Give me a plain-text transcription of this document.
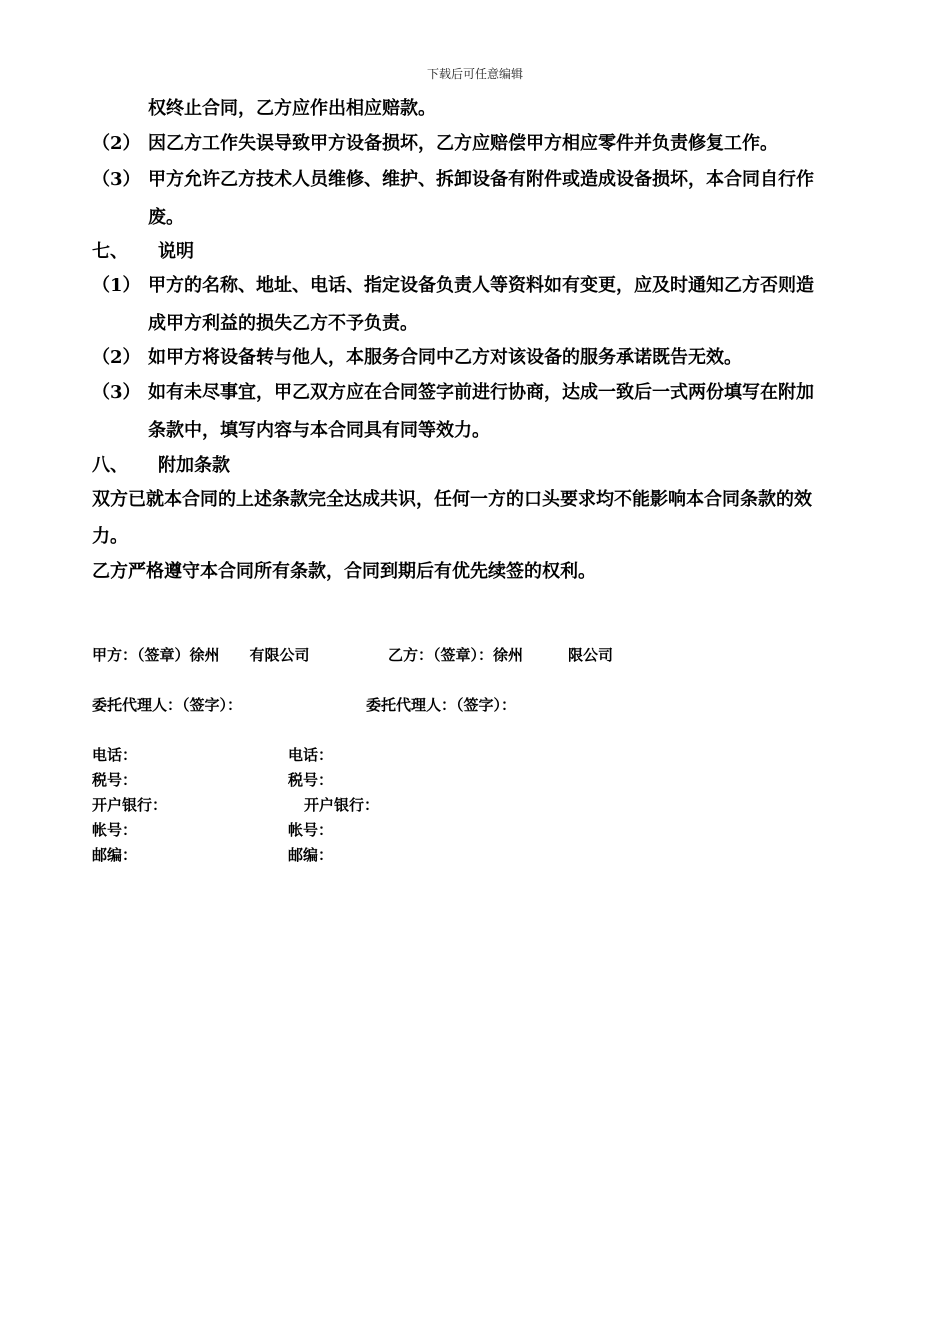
下载后可任意编辑
权终止合同，乙方应作出相应赔款。
（2） 因乙方工作失误导致甲方设备损坏，乙方应赔偿甲方相应零件并负责修复工作。
（3） 甲方允许乙方技术人员维修、维护、拆卸设备有附件或造成设备损坏，本合同自行作
废。
七、 说明
（1） 甲方的名称、地址、电话、指定设备负责人等资料如有变更，应及时通知乙方否则造
成甲方利益的损失乙方不予负责。
（2） 如甲方将设备转与他人，本服务合同中乙方对该设备的服务承诺既告无效。
（3） 如有未尽事宜，甲乙双方应在合同签字前进行协商，达成一致后一式两份填写在附加
条款中，填写内容与本合同具有同等效力。
八、 附加条款
双方已就本合同的上述条款完全达成共识，任何一方的口头要求均不能影响本合同条款的效
力。
乙方严格遵守本合同所有条款，合同到期后有优先续签的权利。
甲方：（签章）徐州　　有限公司	乙方：（签章）：徐州　　　限公司
委托代理人：（签字）：	委托代理人：（签字）：
电话：	电话：
税号：	税号：
开户银行：	开户银行：
帐号：	帐号：
邮编：	邮编：
